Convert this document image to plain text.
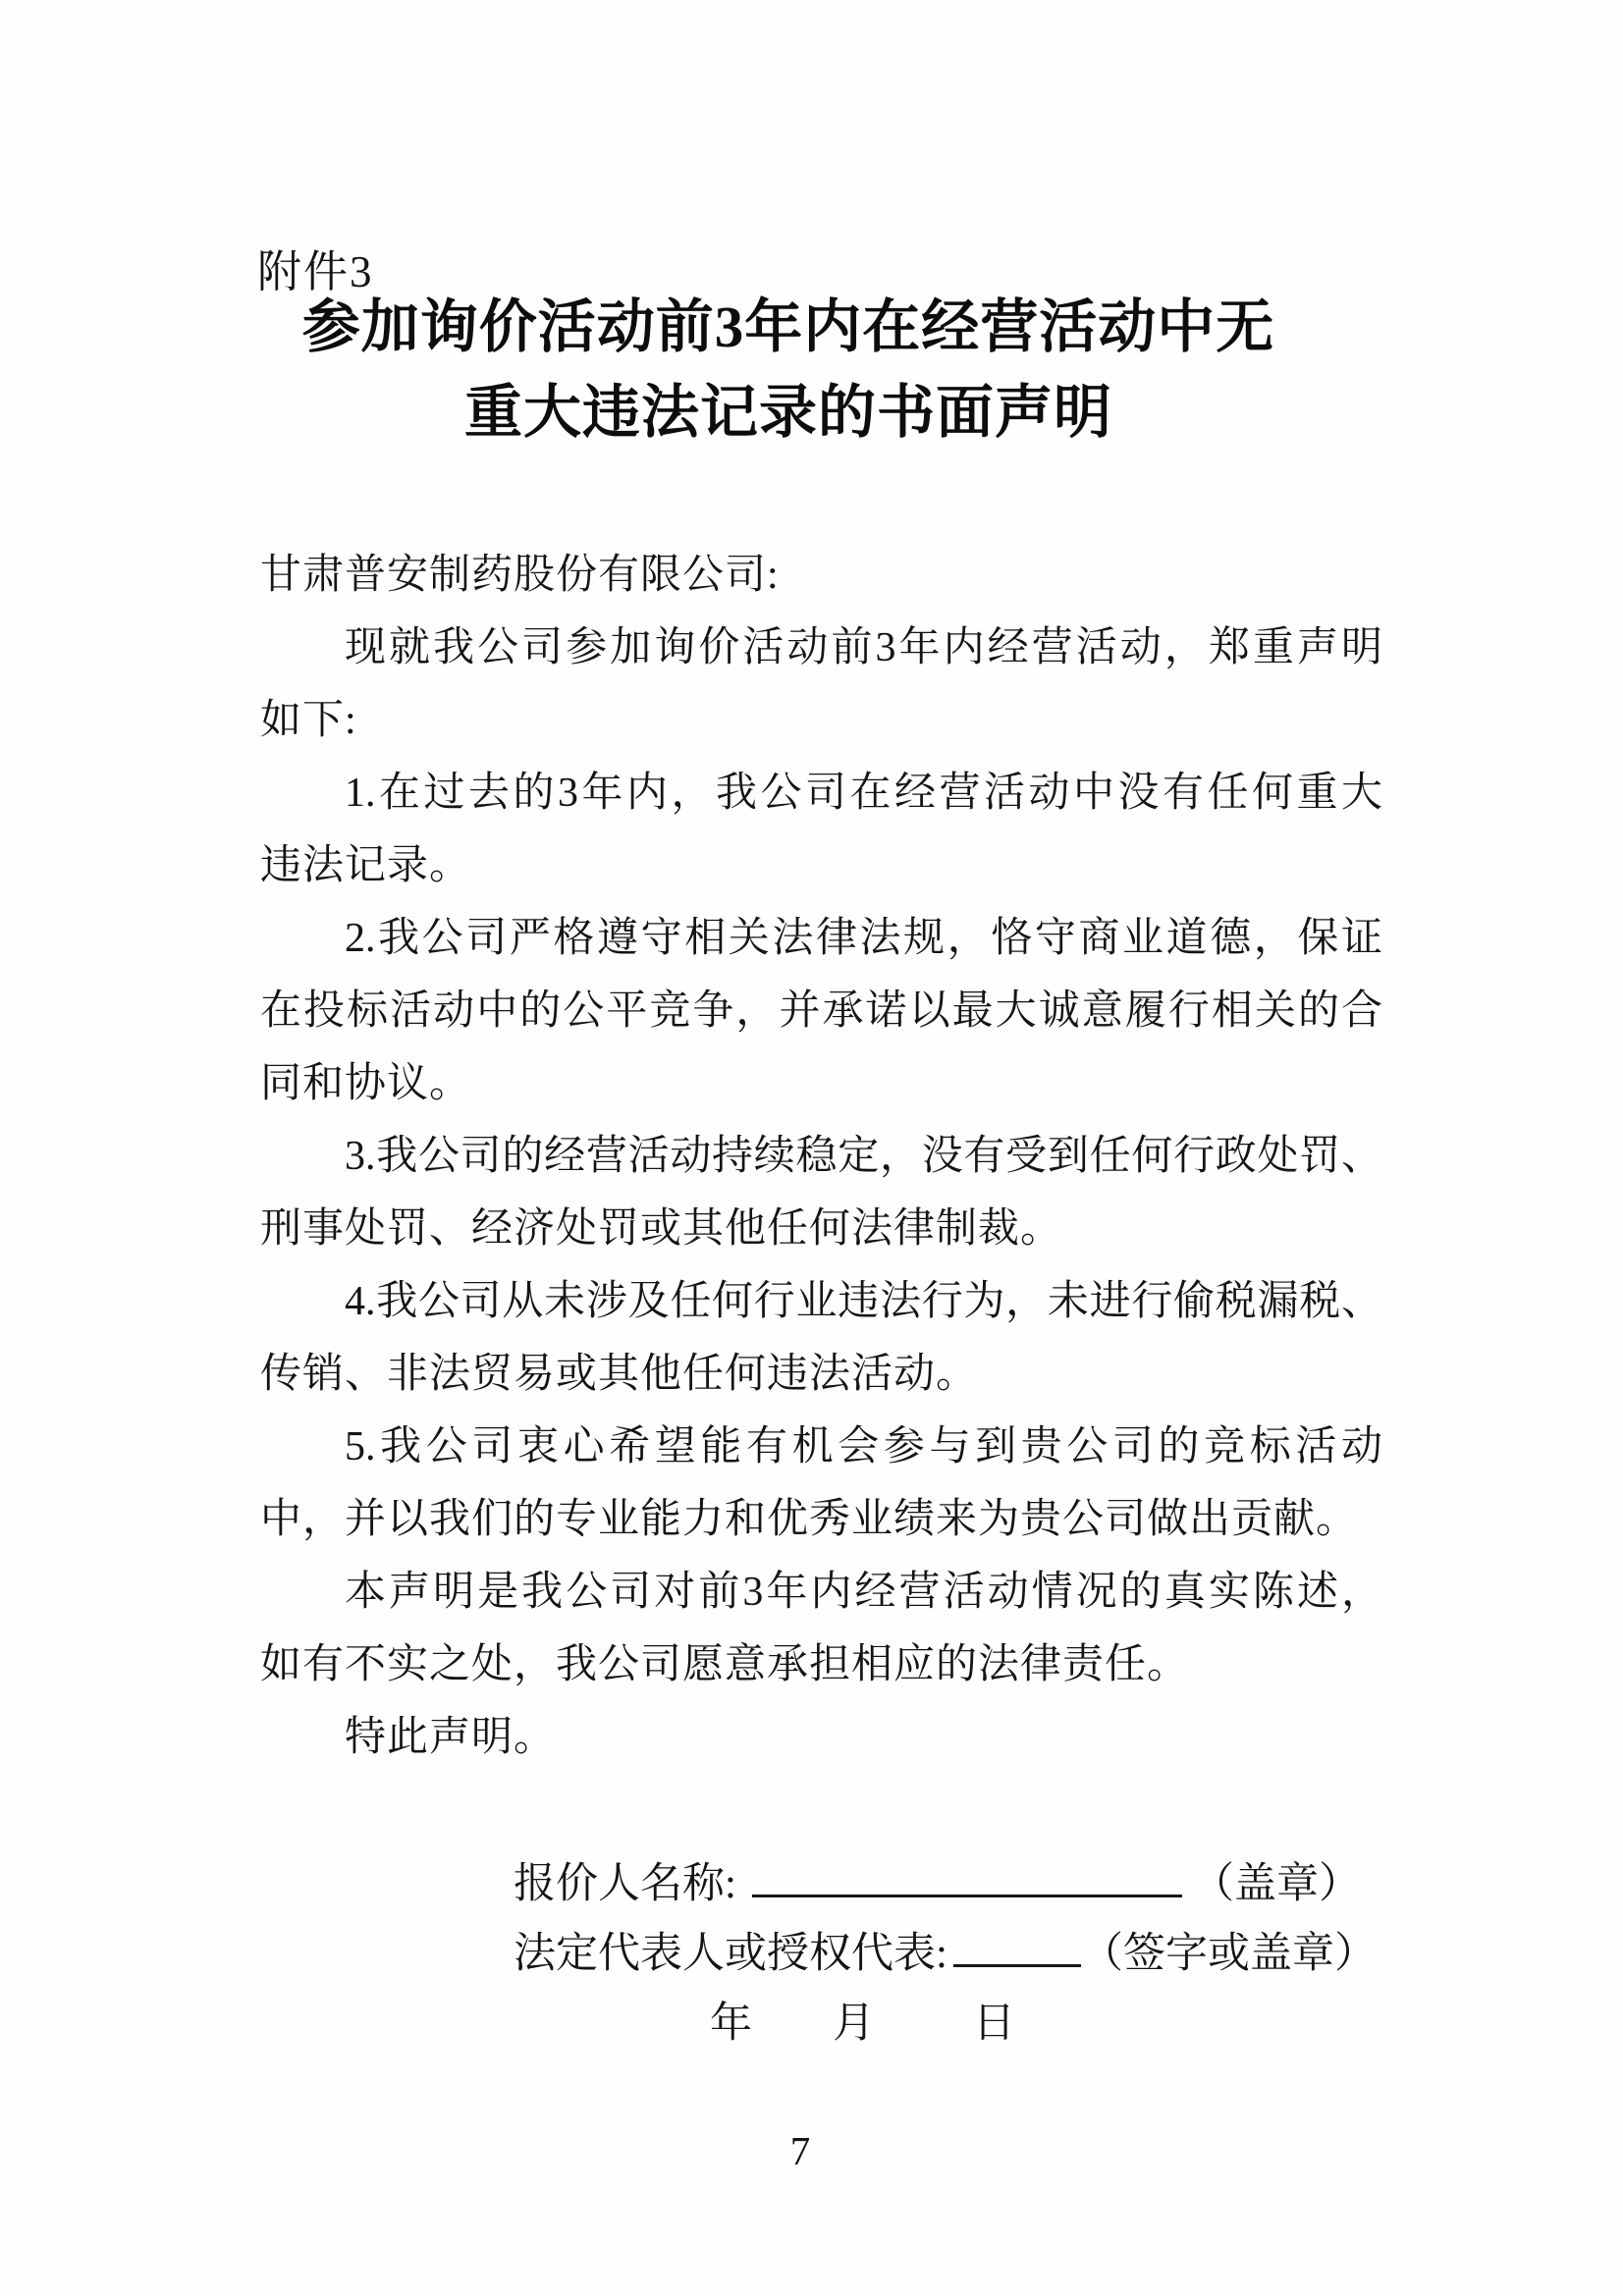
附件3
参加询价活动前3年内在经营活动中无
重大违法记录的书面声明
甘肃普安制药股份有限公司:
现就我公司参加询价活动前3年内经营活动，郑重声明
如下:
1.在过去的3年内，我公司在经营活动中没有任何重大
违法记录。
2.我公司严格遵守相关法律法规，恪守商业道德，保证
在投标活动中的公平竞争，并承诺以最大诚意履行相关的合
同和协议。
3.我公司的经营活动持续稳定，没有受到任何行政处罚、
刑事处罚、经济处罚或其他任何法律制裁。
4.我公司从未涉及任何行业违法行为，未进行偷税漏税、
传销、非法贸易或其他任何违法活动。
5.我公司衷心希望能有机会参与到贵公司的竞标活动
中，并以我们的专业能力和优秀业绩来为贵公司做出贡献。
本声明是我公司对前3年内经营活动情况的真实陈述，
如有不实之处，我公司愿意承担相应的法律责任。
特此声明。
报价人名称:	（盖章）
法定代表人或授权代表:	（签字或盖章）
年 月 日
7
